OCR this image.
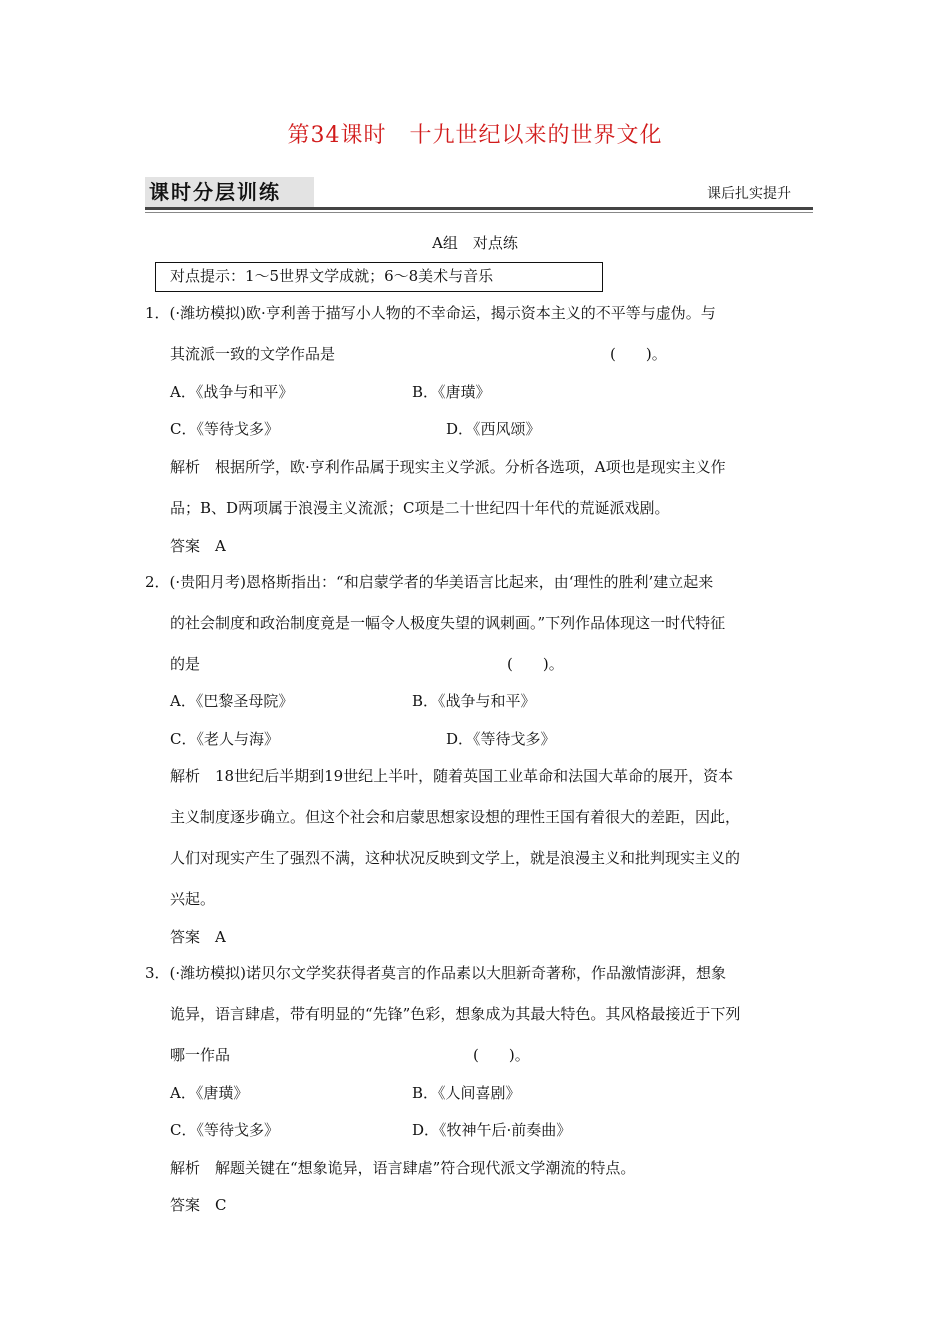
第34课时　十九世纪以来的世界文化
课时分层训练	课后扎实提升
A组　对点练
对点提示：1～5世界文学成就；6～8美术与音乐
1．(·潍坊模拟)欧·亨利善于描写小人物的不幸命运，揭示资本主义的不平等与虚伪。与
其流派一致的文学作品是	(　　)。
A．《战争与和平》	B．《唐璜》
C．《等待戈多》	D．《西风颂》
解析　根据所学，欧·亨利作品属于现实主义学派。分析各选项，A项也是现实主义作
品；B、D两项属于浪漫主义流派；C项是二十世纪四十年代的荒诞派戏剧。
答案　A
2．(·贵阳月考)恩格斯指出：“和启蒙学者的华美语言比起来，由‘理性的胜利’建立起来
的社会制度和政治制度竟是一幅令人极度失望的讽刺画。”下列作品体现这一时代特征
的是	(　　)。
A．《巴黎圣母院》	B．《战争与和平》
C．《老人与海》	D．《等待戈多》
解析　18世纪后半期到19世纪上半叶，随着英国工业革命和法国大革命的展开，资本
主义制度逐步确立。但这个社会和启蒙思想家设想的理性王国有着很大的差距，因此，
人们对现实产生了强烈不满，这种状况反映到文学上，就是浪漫主义和批判现实主义的
兴起。
答案　A
3．(·潍坊模拟)诺贝尔文学奖获得者莫言的作品素以大胆新奇著称，作品激情澎湃，想象
诡异，语言肆虐，带有明显的“先锋”色彩，想象成为其最大特色。其风格最接近于下列
哪一作品	(　　)。
A．《唐璜》	B．《人间喜剧》
C．《等待戈多》	D．《牧神午后·前奏曲》
解析　解题关键在“想象诡异，语言肆虐”符合现代派文学潮流的特点。
答案　C
